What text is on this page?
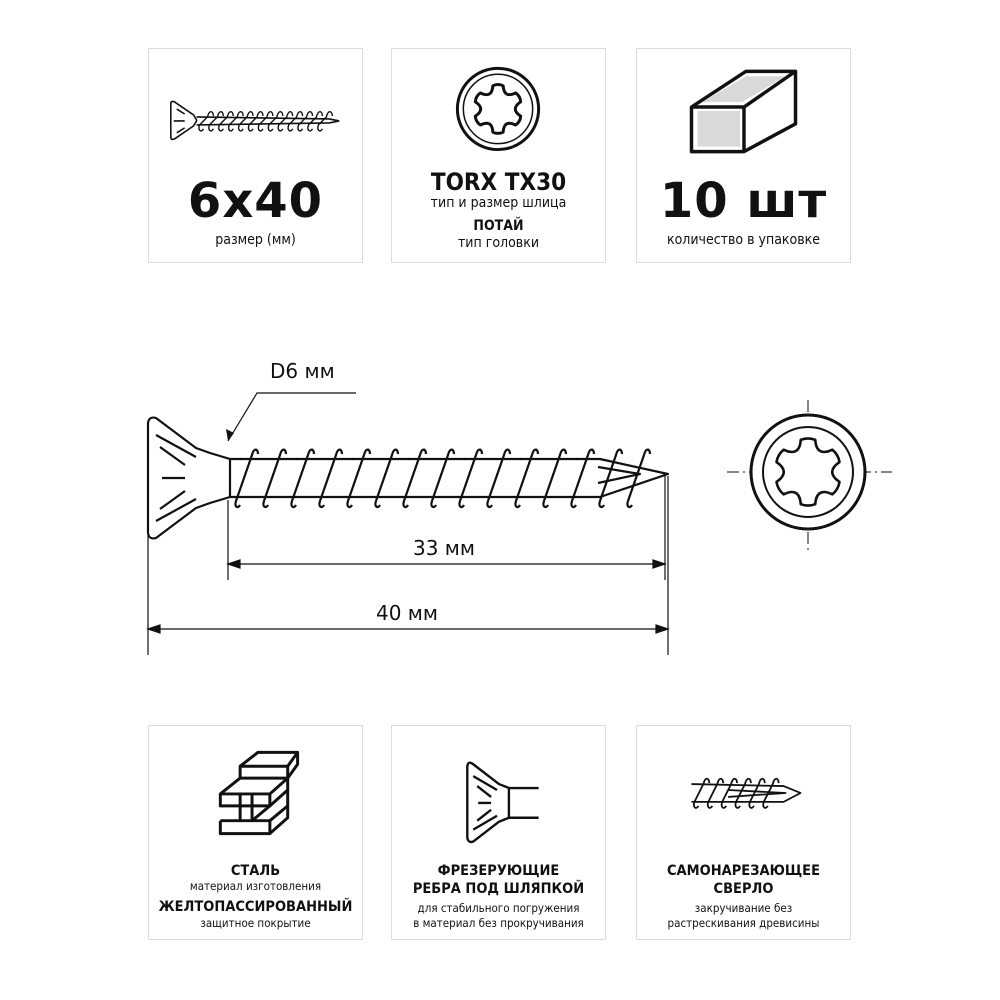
6x40
размер (мм)
TORX TX30
тип и размер шлица
ПОТАЙ
тип головки
10 шт
количество в упаковке
D6 мм
33 мм
40 мм
СТАЛЬ
материал изготовления
ЖЕЛТОПАССИРОВАННЫЙ
защитное покрытие
ФРЕЗЕРУЮЩИЕ
РЕБРА ПОД ШЛЯПКОЙ
для стабильного погружения
в материал без прокручивания
САМОНАРЕЗАЮЩЕЕ
СВЕРЛО
закручивание без
растрескивания древисины
